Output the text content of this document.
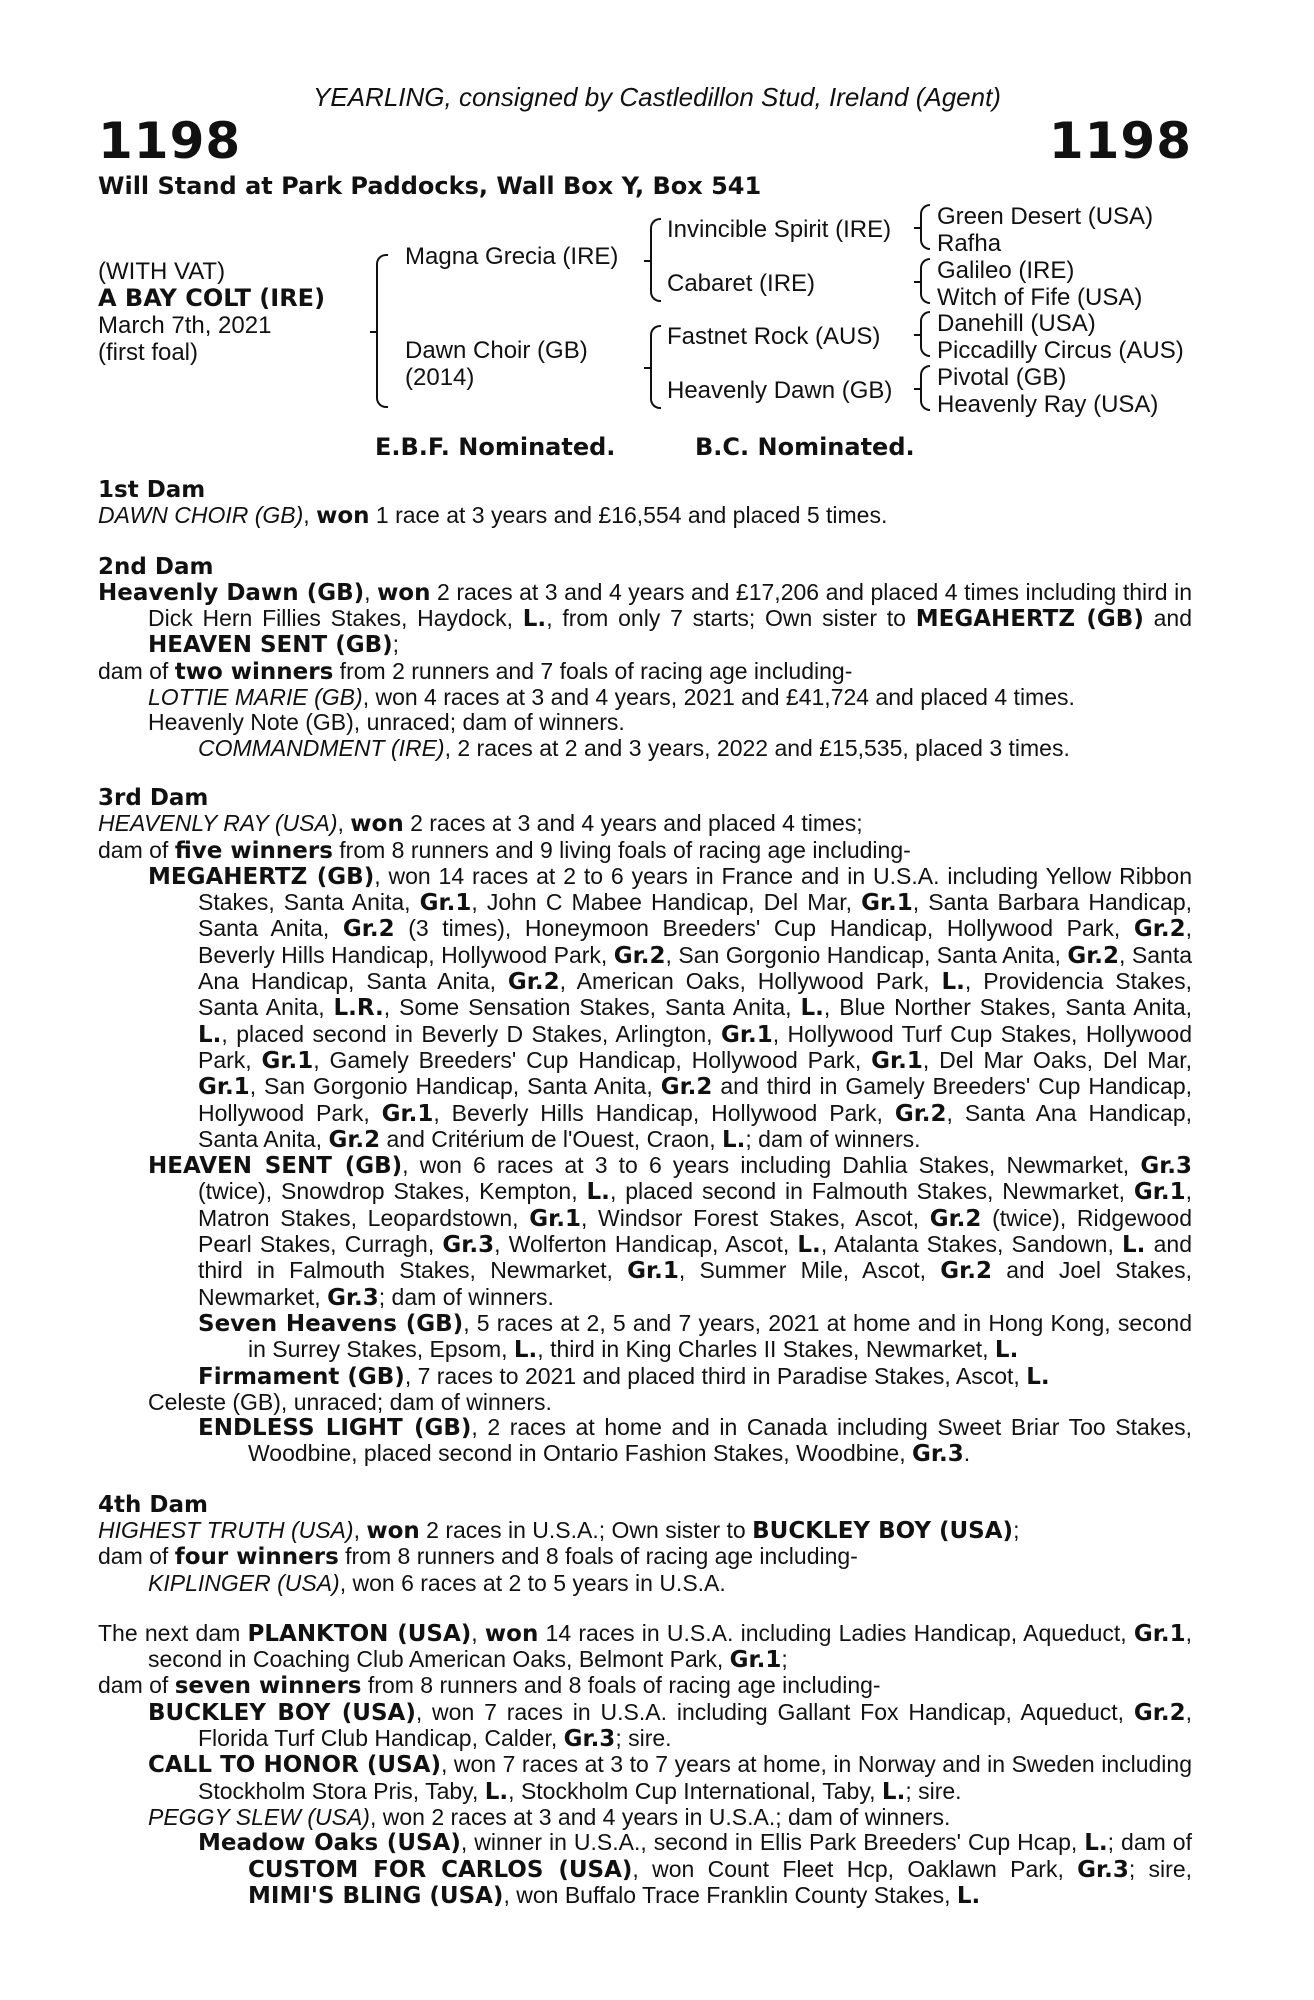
YEARLING, consigned by Castledillon Stud, Ireland (Agent)
1198	1198
Will Stand at Park Paddocks, Wall Box Y, Box 541
(WITH VAT)
A BAY COLT (IRE)
March 7th, 2021
(first foal)
Magna Grecia (IRE)
Dawn Choir (GB)
(2014)
Invincible Spirit (IRE)
Cabaret (IRE)
Fastnet Rock (AUS)
Heavenly Dawn (GB)
Green Desert (USA)
Rafha
Galileo (IRE)
Witch of Fife (USA)
Danehill (USA)
Piccadilly Circus (AUS)
Pivotal (GB)
Heavenly Ray (USA)
E.B.F. Nominated.	B.C. Nominated.
1st Dam
DAWN CHOIR (GB), won 1 race at 3 years and £16,554 and placed 5 times.
2nd Dam
Heavenly Dawn (GB), won 2 races at 3 and 4 years and £17,206 and placed 4 times including third in Dick Hern Fillies Stakes, Haydock, L., from only 7 starts; Own sister to MEGAHERTZ (GB) and HEAVEN SENT (GB);
dam of two winners from 2 runners and 7 foals of racing age including-
LOTTIE MARIE (GB), won 4 races at 3 and 4 years, 2021 and £41,724 and placed 4 times.
Heavenly Note (GB), unraced; dam of winners.
COMMANDMENT (IRE), 2 races at 2 and 3 years, 2022 and £15,535, placed 3 times.
3rd Dam
HEAVENLY RAY (USA), won 2 races at 3 and 4 years and placed 4 times;
dam of five winners from 8 runners and 9 living foals of racing age including-
MEGAHERTZ (GB), won 14 races at 2 to 6 years in France and in U.S.A. including Yellow Ribbon Stakes, Santa Anita, Gr.1, John C Mabee Handicap, Del Mar, Gr.1, Santa Barbara Handicap, Santa Anita, Gr.2 (3 times), Honeymoon Breeders' Cup Handicap, Hollywood Park, Gr.2, Beverly Hills Handicap, Hollywood Park, Gr.2, San Gorgonio Handicap, Santa Anita, Gr.2, Santa Ana Handicap, Santa Anita, Gr.2, American Oaks, Hollywood Park, L., Providencia Stakes, Santa Anita, L.R., Some Sensation Stakes, Santa Anita, L., Blue Norther Stakes, Santa Anita, L., placed second in Beverly D Stakes, Arlington, Gr.1, Hollywood Turf Cup Stakes, Hollywood Park, Gr.1, Gamely Breeders' Cup Handicap, Hollywood Park, Gr.1, Del Mar Oaks, Del Mar, Gr.1, San Gorgonio Handicap, Santa Anita, Gr.2 and third in Gamely Breeders' Cup Handicap, Hollywood Park, Gr.1, Beverly Hills Handicap, Hollywood Park, Gr.2, Santa Ana Handicap, Santa Anita, Gr.2 and Critérium de l'Ouest, Craon, L.; dam of winners.
HEAVEN SENT (GB), won 6 races at 3 to 6 years including Dahlia Stakes, Newmarket, Gr.3 (twice), Snowdrop Stakes, Kempton, L., placed second in Falmouth Stakes, Newmarket, Gr.1, Matron Stakes, Leopardstown, Gr.1, Windsor Forest Stakes, Ascot, Gr.2 (twice), Ridgewood Pearl Stakes, Curragh, Gr.3, Wolferton Handicap, Ascot, L., Atalanta Stakes, Sandown, L. and third in Falmouth Stakes, Newmarket, Gr.1, Summer Mile, Ascot, Gr.2 and Joel Stakes, Newmarket, Gr.3; dam of winners.
Seven Heavens (GB), 5 races at 2, 5 and 7 years, 2021 at home and in Hong Kong, second in Surrey Stakes, Epsom, L., third in King Charles II Stakes, Newmarket, L.
Firmament (GB), 7 races to 2021 and placed third in Paradise Stakes, Ascot, L.
Celeste (GB), unraced; dam of winners.
ENDLESS LIGHT (GB), 2 races at home and in Canada including Sweet Briar Too Stakes, Woodbine, placed second in Ontario Fashion Stakes, Woodbine, Gr.3.
4th Dam
HIGHEST TRUTH (USA), won 2 races in U.S.A.; Own sister to BUCKLEY BOY (USA);
dam of four winners from 8 runners and 8 foals of racing age including-
KIPLINGER (USA), won 6 races at 2 to 5 years in U.S.A.
The next dam PLANKTON (USA), won 14 races in U.S.A. including Ladies Handicap, Aqueduct, Gr.1, second in Coaching Club American Oaks, Belmont Park, Gr.1;
dam of seven winners from 8 runners and 8 foals of racing age including-
BUCKLEY BOY (USA), won 7 races in U.S.A. including Gallant Fox Handicap, Aqueduct, Gr.2, Florida Turf Club Handicap, Calder, Gr.3; sire.
CALL TO HONOR (USA), won 7 races at 3 to 7 years at home, in Norway and in Sweden including Stockholm Stora Pris, Taby, L., Stockholm Cup International, Taby, L.; sire.
PEGGY SLEW (USA), won 2 races at 3 and 4 years in U.S.A.; dam of winners.
Meadow Oaks (USA), winner in U.S.A., second in Ellis Park Breeders' Cup Hcap, L.; dam of CUSTOM FOR CARLOS (USA), won Count Fleet Hcp, Oaklawn Park, Gr.3; sire, MIMI'S BLING (USA), won Buffalo Trace Franklin County Stakes, L.
